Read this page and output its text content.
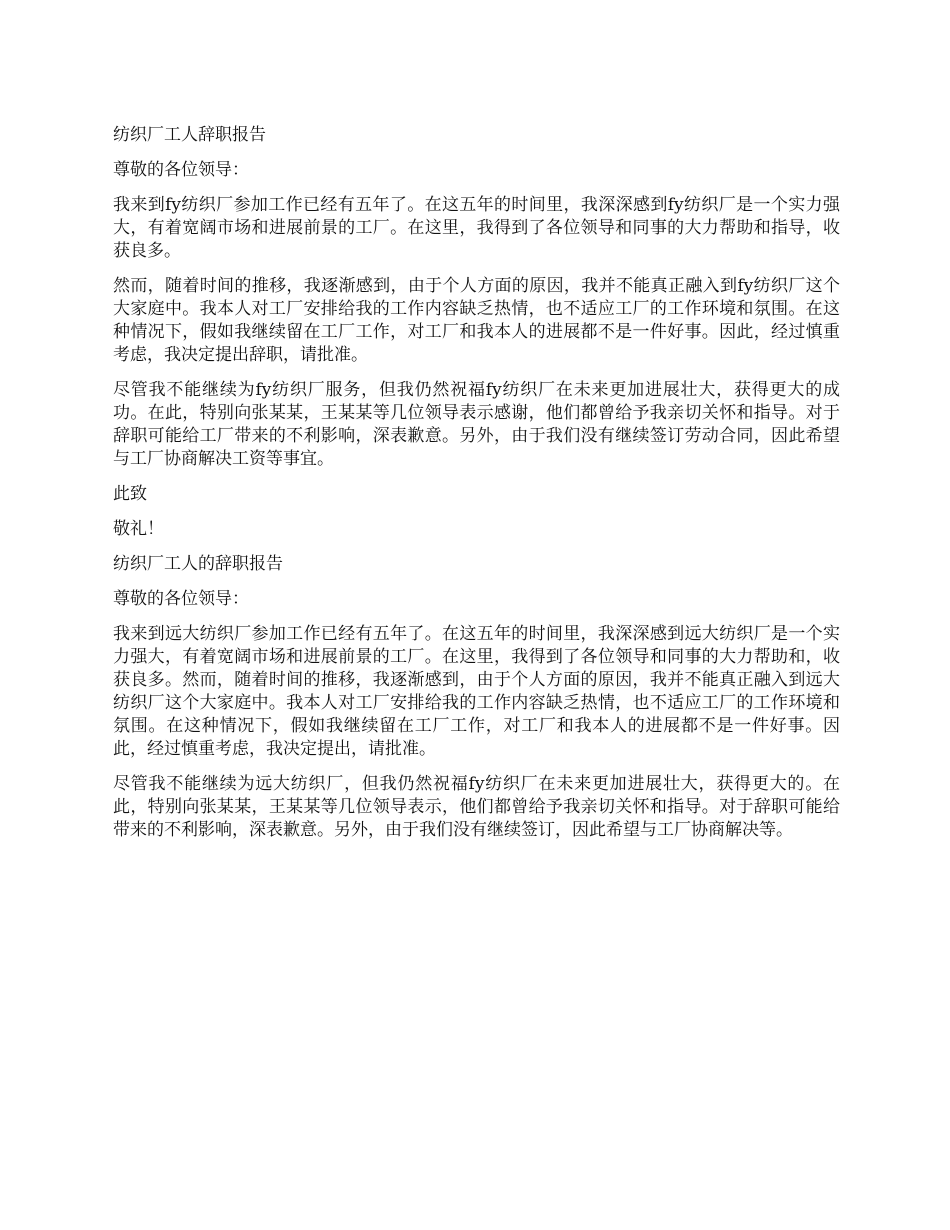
纺织厂工人辞职报告
尊敬的各位领导：

我来到fy纺织厂参加工作已经有五年了。在这五年的时间里，我深深感到fy纺织厂是一个实力强大，有着宽阔市场和进展前景的工厂。在这里，我得到了各位领导和同事的大力帮助和指导，收获良多。

然而，随着时间的推移，我逐渐感到，由于个人方面的原因，我并不能真正融入到fy纺织厂这个大家庭中。我本人对工厂安排给我的工作内容缺乏热情，也不适应工厂的工作环境和氛围。在这种情况下，假如我继续留在工厂工作，对工厂和我本人的进展都不是一件好事。因此，经过慎重考虑，我决定提出辞职，请批准。

尽管我不能继续为fy纺织厂服务，但我仍然祝福fy纺织厂在未来更加进展壮大，获得更大的成功。在此，特别向张某某，王某某等几位领导表示感谢，他们都曾给予我亲切关怀和指导。对于辞职可能给工厂带来的不利影响，深表歉意。另外，由于我们没有继续签订劳动合同，因此希望与工厂协商解决工资等事宜。

此致
敬礼！
纺织厂工人的辞职报告
尊敬的各位领导：

我来到远大纺织厂参加工作已经有五年了。在这五年的时间里，我深深感到远大纺织厂是一个实力强大，有着宽阔市场和进展前景的工厂。在这里，我得到了各位领导和同事的大力帮助和，收获良多。然而，随着时间的推移，我逐渐感到，由于个人方面的原因，我并不能真正融入到远大纺织厂这个大家庭中。我本人对工厂安排给我的工作内容缺乏热情，也不适应工厂的工作环境和氛围。在这种情况下，假如我继续留在工厂工作，对工厂和我本人的进展都不是一件好事。因此，经过慎重考虑，我决定提出，请批准。

尽管我不能继续为远大纺织厂，但我仍然祝福fy纺织厂在未来更加进展壮大，获得更大的。在此，特别向张某某，王某某等几位领导表示，他们都曾给予我亲切关怀和指导。对于辞职可能给带来的不利影响，深表歉意。另外，由于我们没有继续签订，因此希望与工厂协商解决等。
